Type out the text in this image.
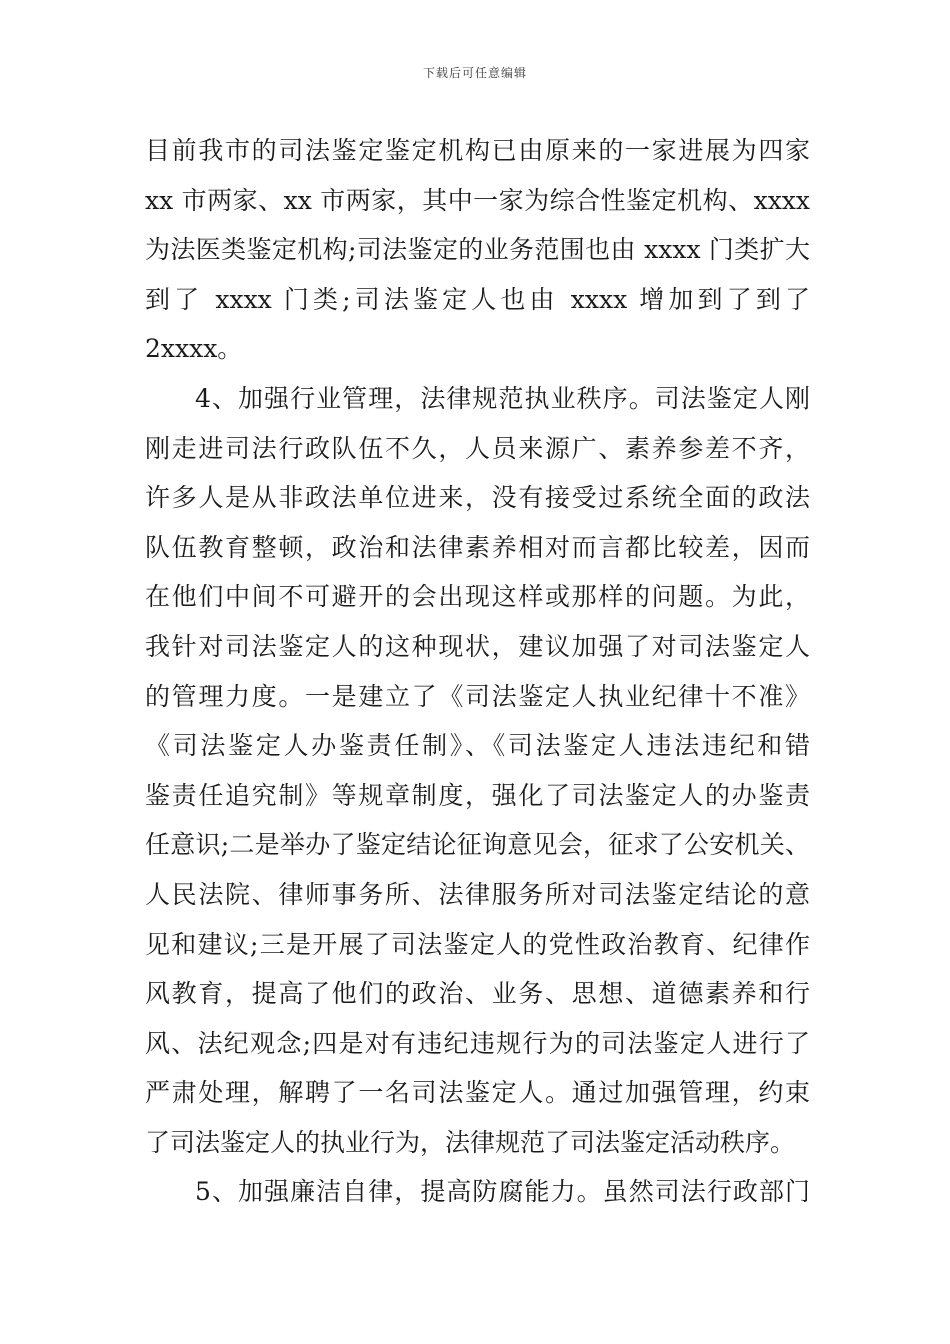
下载后可任意编辑
目前我市的司法鉴定鉴定机构已由原来的一家进展为四家
xx 市两家、xx 市两家，其中一家为综合性鉴定机构、xxxx
为法医类鉴定机构;司法鉴定的业务范围也由 xxxx 门类扩大
到了 xxxx 门类;司法鉴定人也由 xxxx 增加到了到了
2xxxx。
4、加强行业管理，法律规范执业秩序。司法鉴定人刚
刚走进司法行政队伍不久，人员来源广、素养参差不齐，
许多人是从非政法单位进来，没有接受过系统全面的政法
队伍教育整顿，政治和法律素养相对而言都比较差，因而
在他们中间不可避开的会出现这样或那样的问题。为此，
我针对司法鉴定人的这种现状，建议加强了对司法鉴定人
的管理力度。一是建立了《司法鉴定人执业纪律十不准》
《司法鉴定人办鉴责任制》、《司法鉴定人违法违纪和错
鉴责任追究制》等规章制度，强化了司法鉴定人的办鉴责
任意识;二是举办了鉴定结论征询意见会，征求了公安机关、
人民法院、律师事务所、法律服务所对司法鉴定结论的意
见和建议;三是开展了司法鉴定人的党性政治教育、纪律作
风教育，提高了他们的政治、业务、思想、道德素养和行
风、法纪观念;四是对有违纪违规行为的司法鉴定人进行了
严肃处理，解聘了一名司法鉴定人。通过加强管理，约束
了司法鉴定人的执业行为，法律规范了司法鉴定活动秩序。
5、加强廉洁自律，提高防腐能力。虽然司法行政部门
